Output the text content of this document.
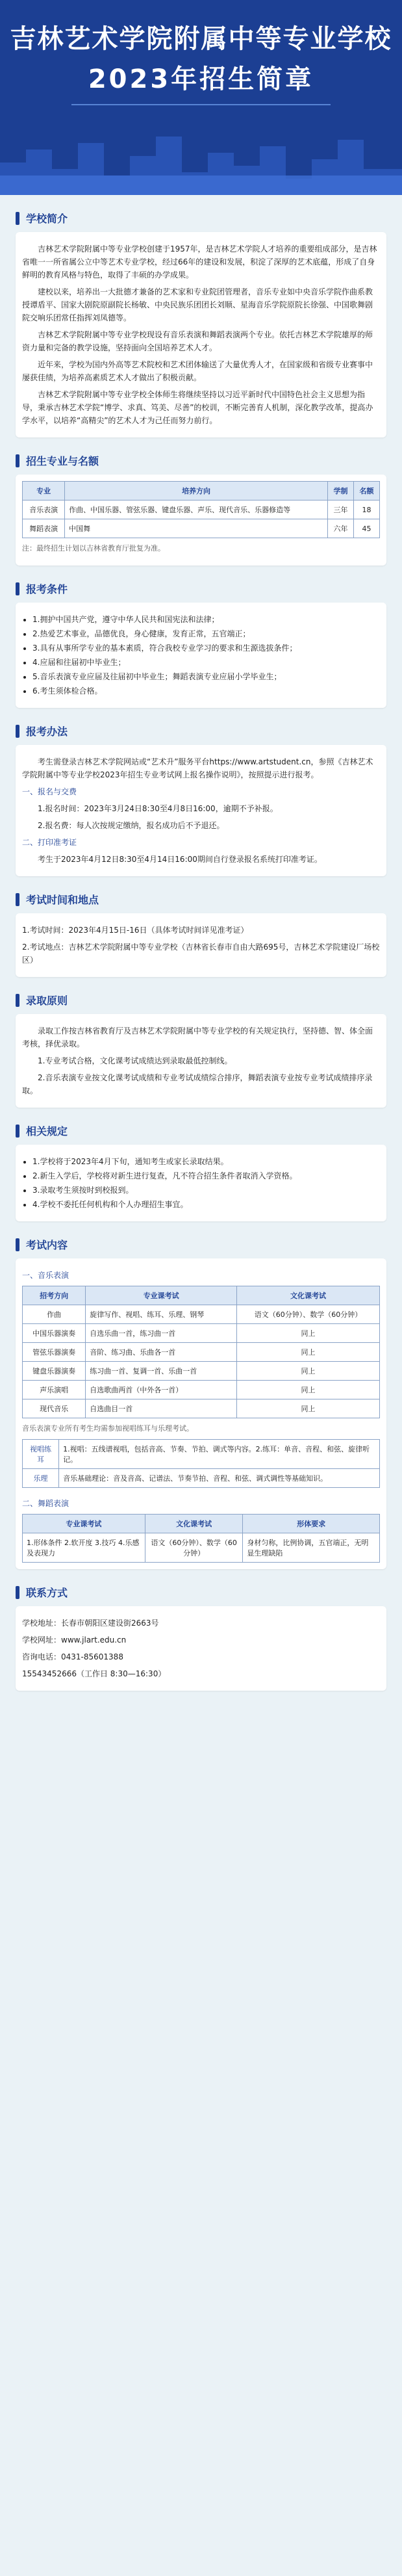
吉林艺术学院附属中等专业学校
2023年招生简章
学校简介

吉林艺术学院附属中等专业学校创建于1957年，是吉林艺术学院人才培养的重要组成部分，是吉林省唯一一所省属公立中等艺术专业学校，经过66年的建设和发展，积淀了深厚的艺术底蕴，形成了自身鲜明的教育风格与特色，取得了丰硕的办学成果。

建校以来，培养出一大批德才兼备的艺术家和专业院团管理者，音乐专业如中央音乐学院作曲系教授谭盾平、国家大剧院原副院长杨敏、中央民族乐团团长刘顺、星海音乐学院原院长徐强、中国歌舞剧院交响乐团常任指挥刘凤德等。

吉林艺术学院附属中等专业学校现设有音乐表演和舞蹈表演两个专业。依托吉林艺术学院雄厚的师资力量和完备的教学设施，坚持面向全国培养艺术人才。

近年来，学校为国内外高等艺术院校和艺术团体输送了大量优秀人才，在国家级和省级专业赛事中屡获佳绩，为培养高素质艺术人才做出了积极贡献。

吉林艺术学院附属中等专业学校全体师生将继续坚持以习近平新时代中国特色社会主义思想为指导，秉承吉林艺术学院“博学、求真、笃美、尽善”的校训，不断完善育人机制，深化教学改革，提高办学水平，以培养“高精尖”的艺术人才为己任而努力前行。

招生专业与名额
专业	培养方向	学制	名额
音乐表演	作曲、中国乐器、管弦乐器、键盘乐器、声乐、现代音乐、乐器修造等	三年	18
舞蹈表演	中国舞	六年	45

注：最终招生计划以吉林省教育厅批复为准。

报考条件
• 1.拥护中国共产党，遵守中华人民共和国宪法和法律；
• 2.热爱艺术事业，品德优良，身心健康，发育正常，五官端正；
• 3.具有从事所学专业的基本素质，符合我校专业学习的要求和生源选拔条件；
• 4.应届和往届初中毕业生；
• 5.音乐表演专业应届及往届初中毕业生；舞蹈表演专业应届小学毕业生；
• 6.考生须体检合格。
报考办法

考生需登录吉林艺术学院网站或“艺术升”服务平台https://www.artstudent.cn，参照《吉林艺术学院附属中等专业学校2023年招生专业考试网上报名操作说明》，按照提示进行报考。

一、报名与交费

1.报名时间：2023年3月24日8:30至4月8日16:00，逾期不予补报。

2.报名费：每人次按规定缴纳，报名成功后不予退还。

二、打印准考证

考生于2023年4月12日8:30至4月14日16:00期间自行登录报名系统打印准考证。

考试时间和地点

1.考试时间：2023年4月15日-16日（具体考试时间详见准考证）

2.考试地点：吉林艺术学院附属中等专业学校（吉林省长春市自由大路695号，吉林艺术学院建设厂场校区）

录取原则

录取工作按吉林省教育厅及吉林艺术学院附属中等专业学校的有关规定执行，坚持德、智、体全面考核，择优录取。

1.专业考试合格，文化课考试成绩达到录取最低控制线。

2.音乐表演专业按文化课考试成绩和专业考试成绩综合排序，舞蹈表演专业按专业考试成绩排序录取。

相关规定
• 1.学校将于2023年4月下旬，通知考生或家长录取结果。
• 2.新生入学后，学校将对新生进行复查，凡不符合招生条件者取消入学资格。
• 3.录取考生须按时到校报到。
• 4.学校不委托任何机构和个人办理招生事宜。
考试内容

一、音乐表演

招考方向	专业课考试	文化课考试
作曲	旋律写作、视唱、练耳、乐理、钢琴	语文（60分钟）、数学（60分钟）
中国乐器演奏	自选乐曲一首，练习曲一首	同上
管弦乐器演奏	音阶、练习曲、乐曲各一首	同上
键盘乐器演奏	练习曲一首、复调一首、乐曲一首	同上
声乐演唱	自选歌曲两首（中外各一首）	同上
现代音乐	自选曲目一首	同上

音乐表演专业所有考生均需参加视唱练耳与乐理考试。

视唱练耳	1.视唱：五线谱视唱，包括音高、节奏、节拍、调式等内容。2.练耳：单音、音程、和弦、旋律听记。
乐理	音乐基础理论：音及音高、记谱法、节奏节拍、音程、和弦、调式调性等基础知识。

二、舞蹈表演

专业课考试	文化课考试	形体要求
1.形体条件 2.软开度 3.技巧 4.乐感及表现力	语文（60分钟）、数学（60分钟）	身材匀称，比例协调，五官端正，无明显生理缺陷
联系方式

学校地址：长春市朝阳区建设街2663号

学校网址：www.jlart.edu.cn

咨询电话：0431-85601388

15543452666（工作日 8:30—16:30）
